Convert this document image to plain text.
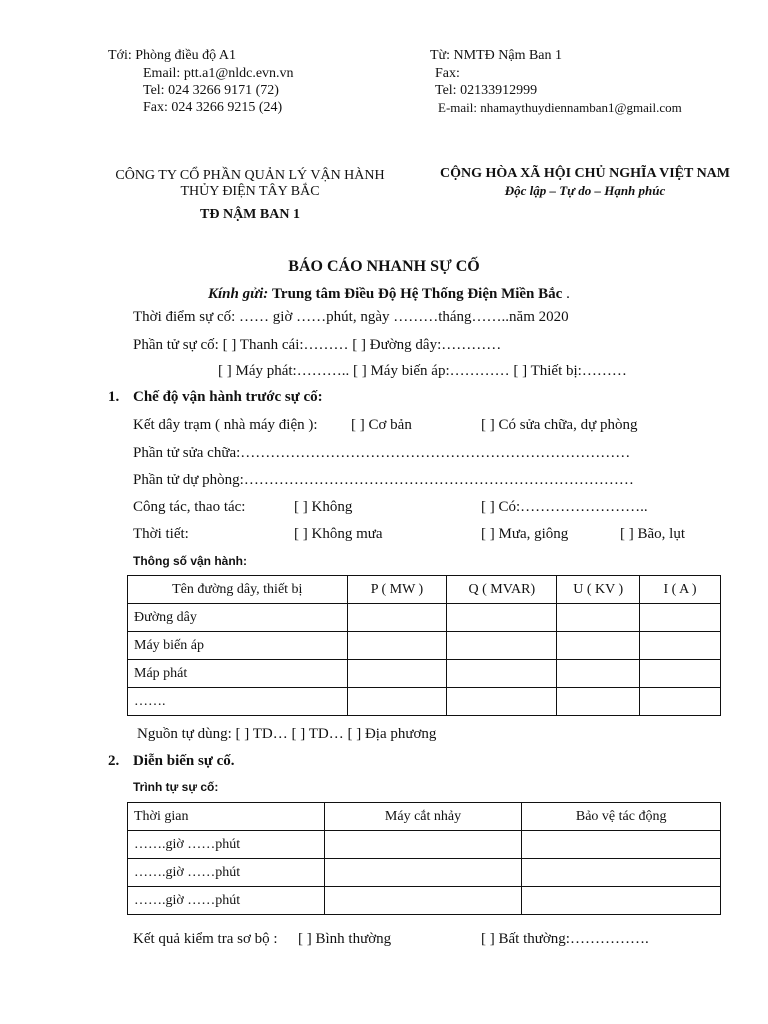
Tới: Phòng điều độ A1
Email: ptt.a1@nldc.evn.vn
Tel: 024 3266 9171 (72)
Fax: 024 3266 9215 (24)
Từ: NMTĐ Nậm Ban 1
Fax:
Tel: 02133912999
E-mail: nhamaythuydiennamban1@gmail.com
CÔNG TY CỔ PHẦN QUẢN LÝ VẬN HÀNH
THỦY ĐIỆN TÂY BẮC
TĐ NẬM BAN 1
CỘNG HÒA XÃ HỘI CHỦ NGHĨA VIỆT NAM
Độc lập – Tự do – Hạnh phúc
BÁO CÁO NHANH SỰ CỐ
Kính gửi: Trung tâm Điều Độ Hệ Thống Điện Miền Bắc .
Thời điểm sự cố: …… giờ ……phút, ngày ………tháng……..năm 2020
Phần tử sự cố: [ ] Thanh cái:……… [ ] Đường dây:…………
[ ] Máy phát:……….. [ ] Máy biến áp:………… [ ] Thiết bị:………
1. Chế độ vận hành trước sự cố:
Kết dây trạm ( nhà máy điện ): [ ] Cơ bản	[ ] Có sửa chữa, dự phòng
Phần tử sửa chữa:……………………………………………………………………
Phần tử dự phòng:……………………………………………………………………
Công tác, thao tác:	[ ] Không	[ ] Có:……………………..
Thời tiết:	[ ] Không mưa	[ ] Mưa, giông	[ ] Bão, lụt
Thông số vận hành:
Tên đường dây, thiết bị	P ( MW )	Q ( MVAR)	U ( KV )	I ( A )
Đường dây				
Máy biến áp				
Máp phát				
…….				
Nguồn tự dùng: [ ] TD… [ ] TD… [ ] Địa phương
2. Diễn biến sự cố.
Trình tự sự cố:
Thời gian	Máy cắt nhảy	Bảo vệ tác động
…….giờ ……phút		
…….giờ ……phút		
…….giờ ……phút		
Kết quả kiểm tra sơ bộ : [ ] Bình thường	[ ] Bất thường:…………….
